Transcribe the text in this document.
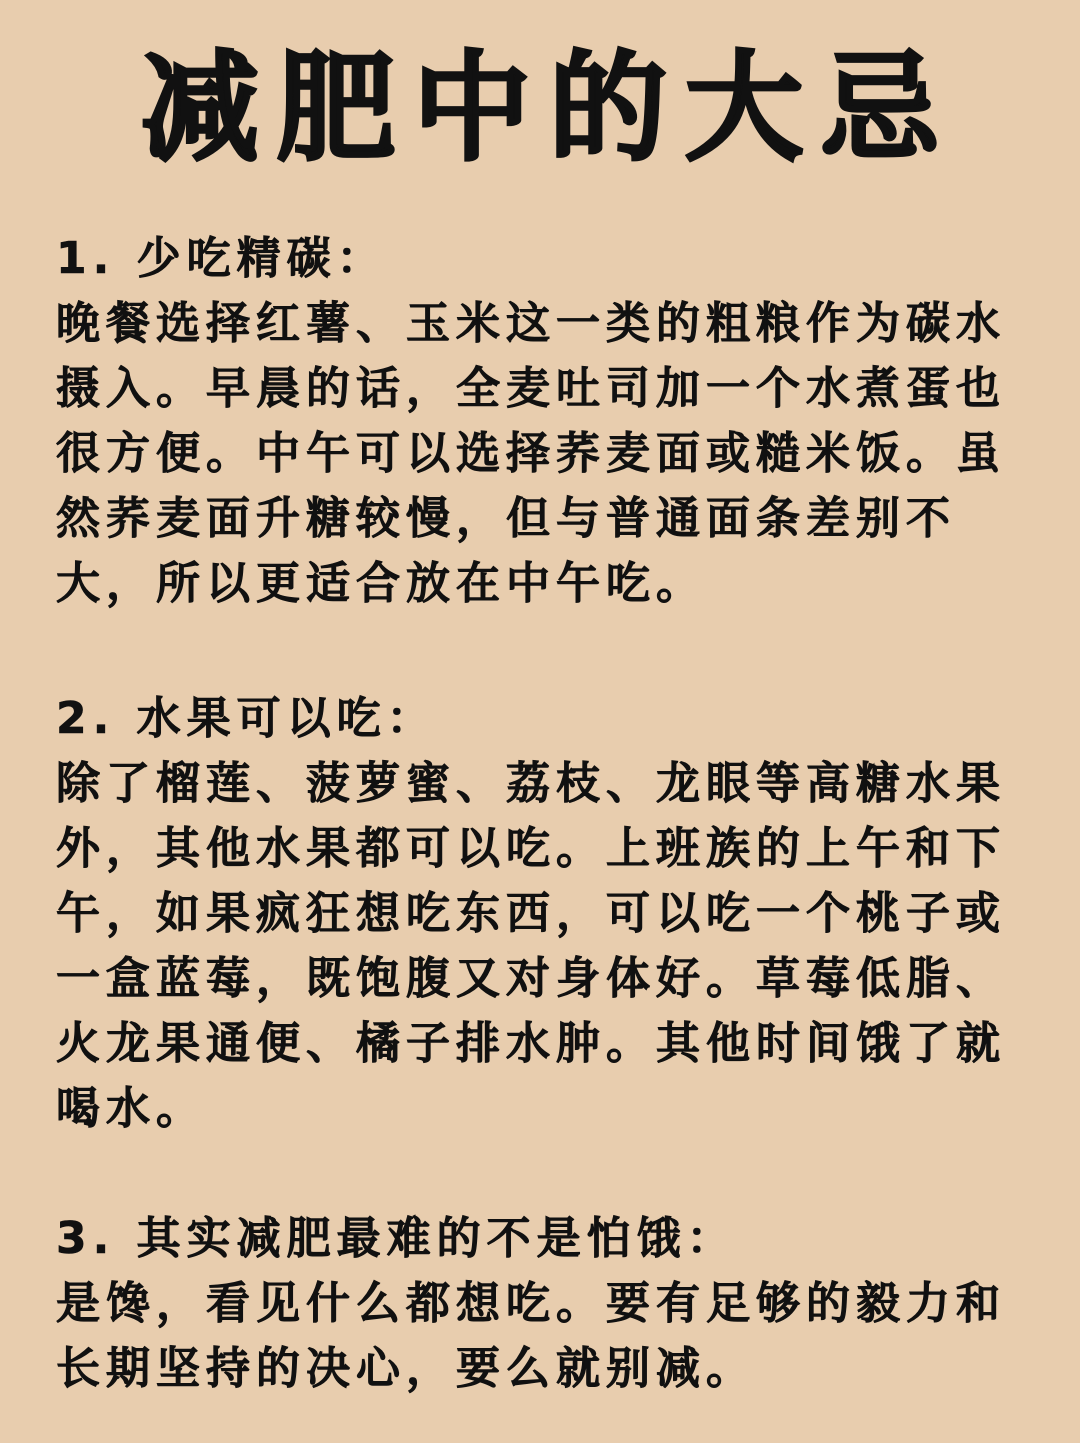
减肥中的大忌
1. 少吃精碳：
晚餐选择红薯、玉米这一类的粗粮作为碳水
摄入。早晨的话，全麦吐司加一个水煮蛋也
很方便。中午可以选择荞麦面或糙米饭。虽
然荞麦面升糖较慢，但与普通面条差别不
大，所以更适合放在中午吃。
2. 水果可以吃：
除了榴莲、菠萝蜜、荔枝、龙眼等高糖水果
外，其他水果都可以吃。上班族的上午和下
午，如果疯狂想吃东西，可以吃一个桃子或
一盒蓝莓，既饱腹又对身体好。草莓低脂、
火龙果通便、橘子排水肿。其他时间饿了就
喝水。
3. 其实减肥最难的不是怕饿：
是馋，看见什么都想吃。要有足够的毅力和
长期坚持的决心，要么就别减。
